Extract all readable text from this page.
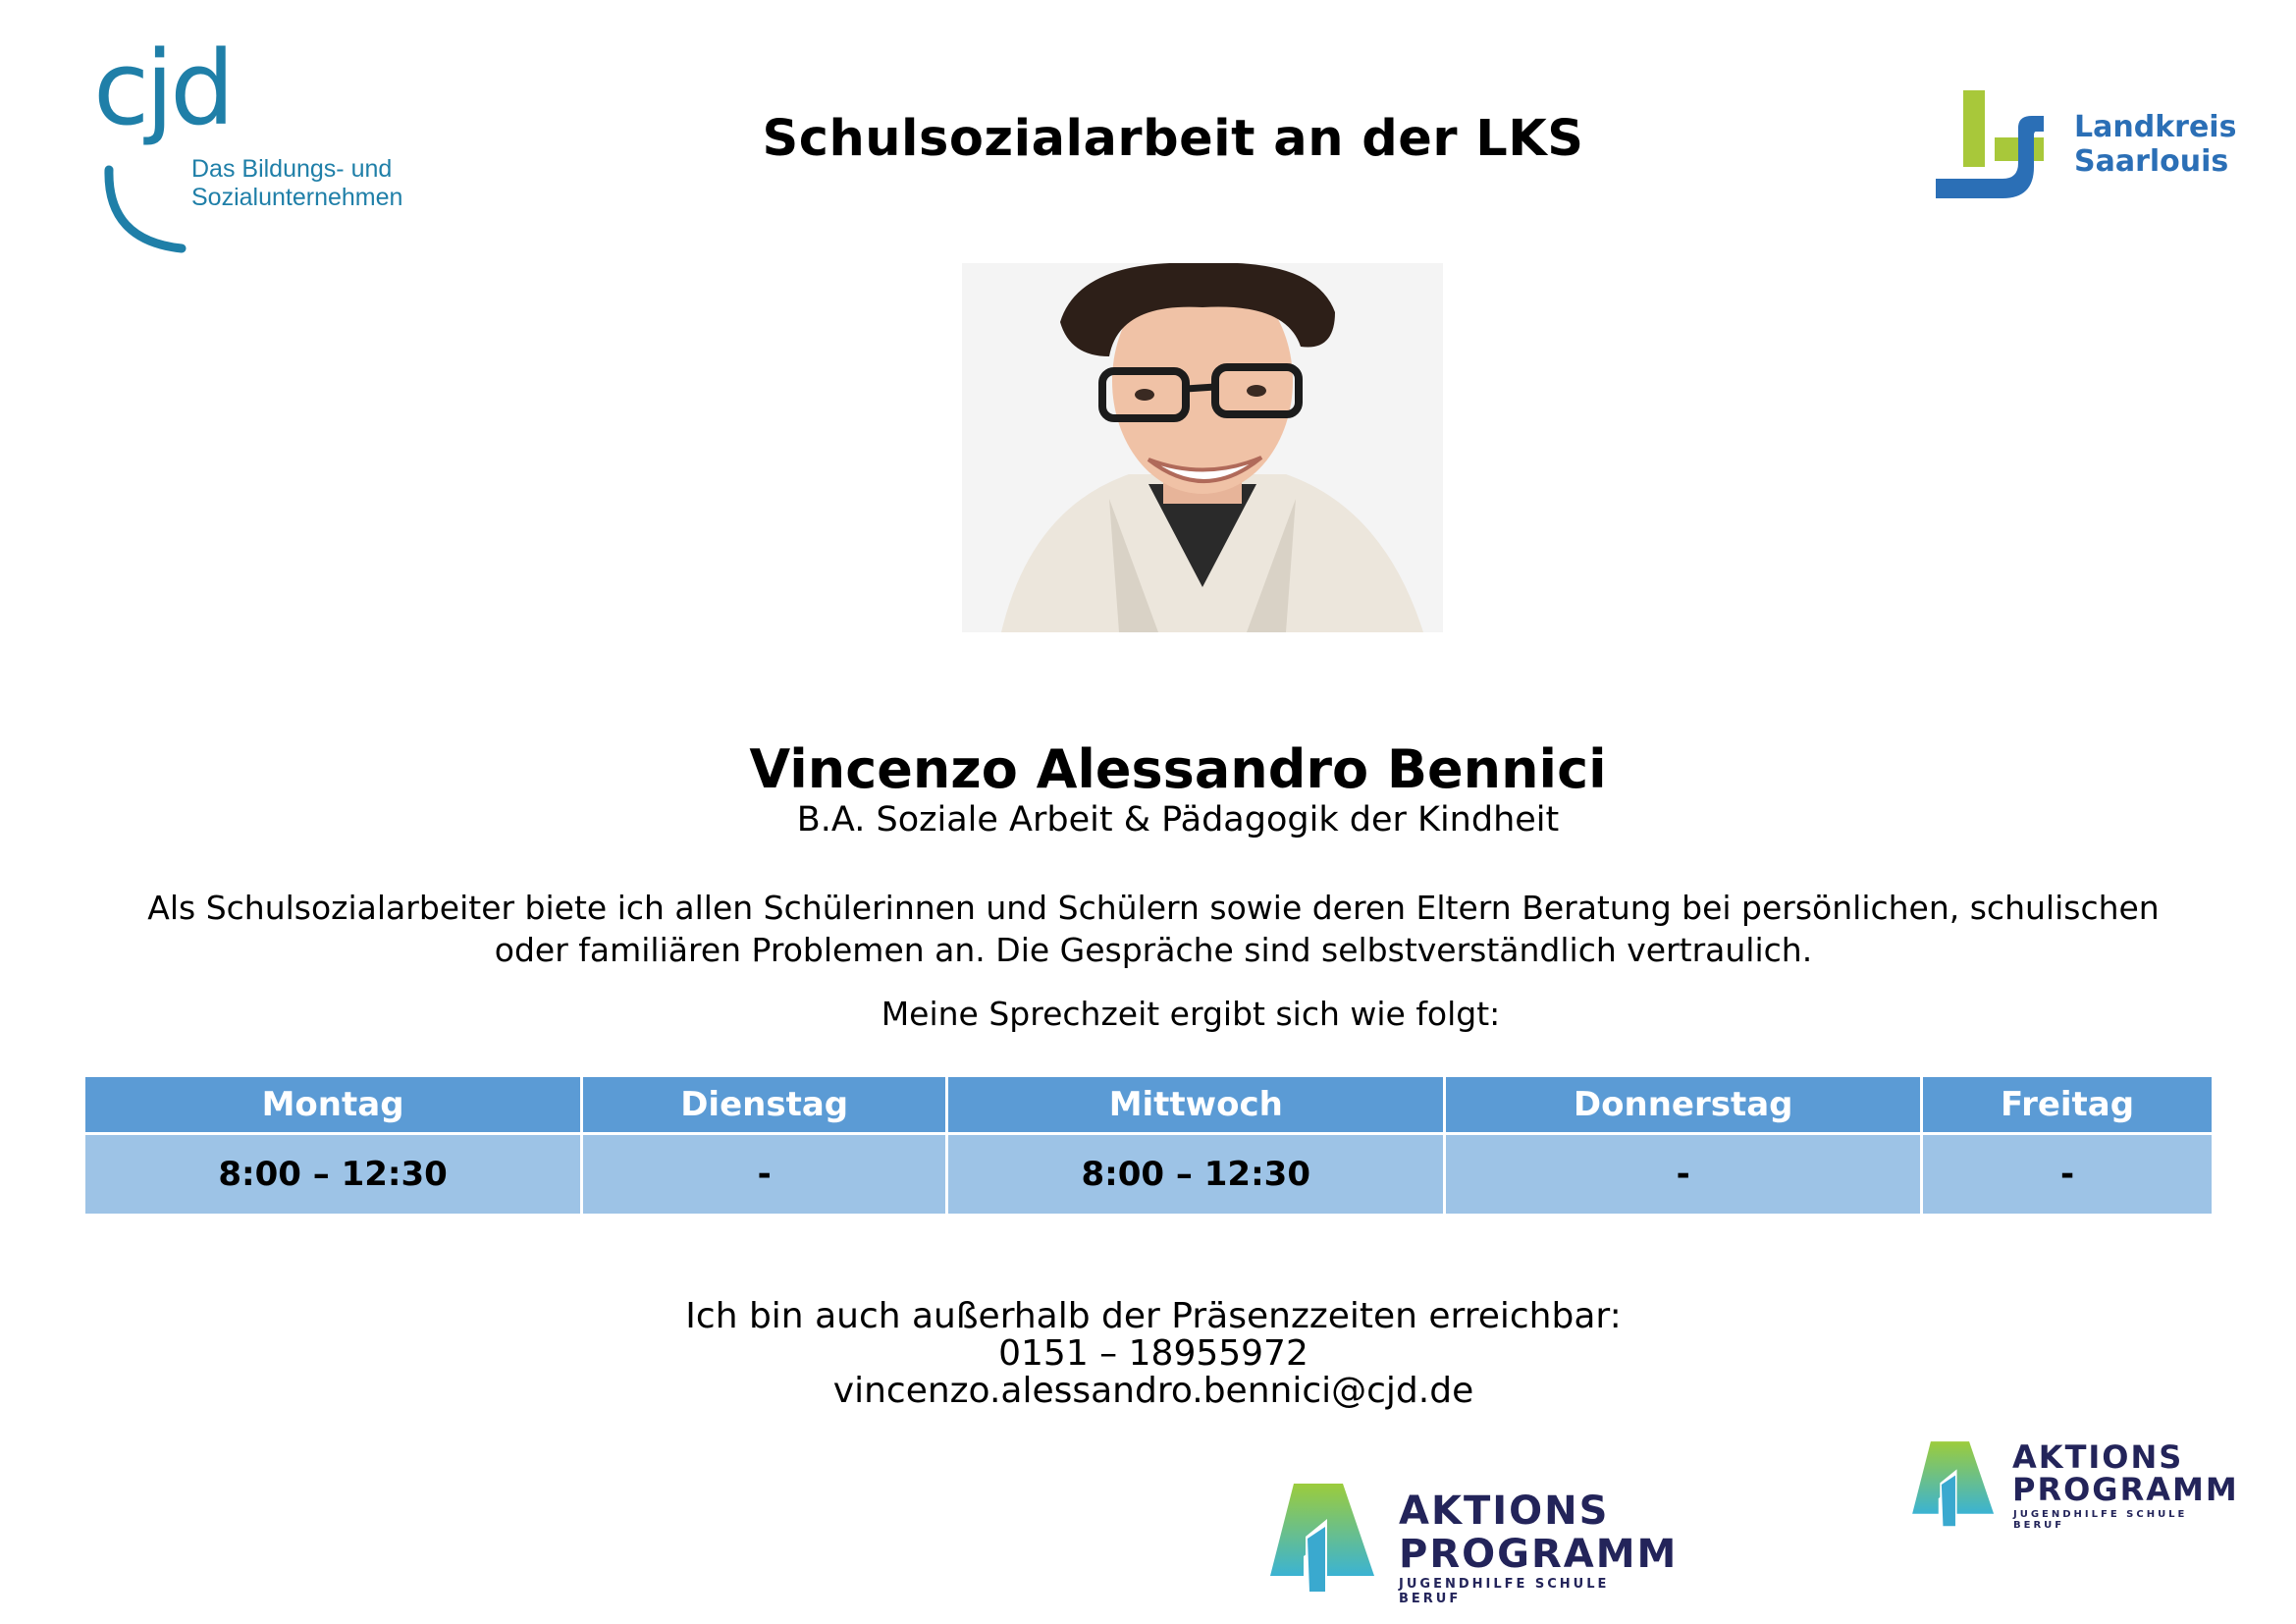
cjd
Das Bildungs- und
Sozialunternehmen
Schulsozialarbeit an der LKS	Landkreis
Saarlouis
Vincenzo Alessandro Bennici
B.A. Soziale Arbeit & Pädagogik der Kindheit
Als Schulsozialarbeiter biete ich allen Schülerinnen und Schülern sowie deren Eltern Beratung bei persönlichen, schulischen
oder familiären Problemen an. Die Gespräche sind selbstverständlich vertraulich.
Meine Sprechzeit ergibt sich wie folgt:
Montag	Dienstag	Mittwoch	Donnerstag	Freitag
8:00 – 12:30	-	8:00 – 12:30	-	-
Ich bin auch außerhalb der Präsenzzeiten erreichbar:
0151 – 18955972
vincenzo.alessandro.bennici@cjd.de
AKTIONS
PROGRAMM
JUGENDHILFE SCHULE BERUF
AKTIONS
PROGRAMM
JUGENDHILFE SCHULE BERUF
